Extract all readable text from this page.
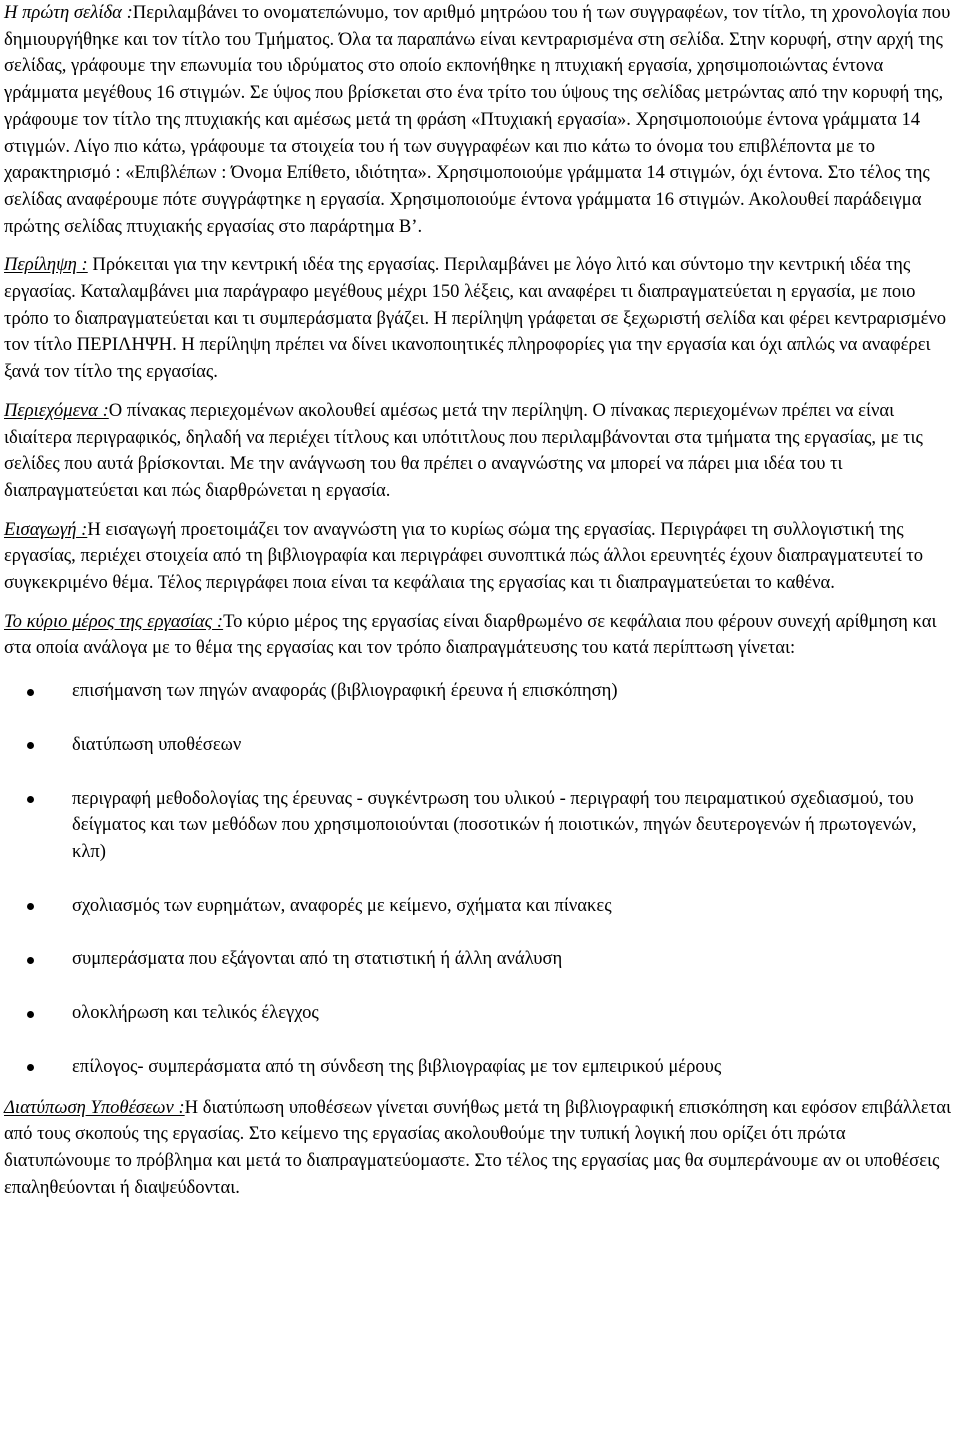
Η πρώτη σελίδα :Περιλαμβάνει το ονοματεπώνυμο, τον αριθμό μητρώου του ή των συγγραφέων, τον τίτλο, τη χρονολογία που δημιουργήθηκε και τον τίτλο του Τμήματος. Όλα τα παραπάνω είναι κεντραρισμένα στη σελίδα. Στην κορυφή, στην αρχή της σελίδας, γράφουμε την επωνυμία του ιδρύματος στο οποίο εκπονήθηκε η πτυχιακή εργασία, χρησιμοποιώντας έντονα γράμματα μεγέθους 16 στιγμών. Σε ύψος που βρίσκεται στο ένα τρίτο του ύψους της σελίδας μετρώντας από την κορυφή της, γράφουμε τον τίτλο της πτυχιακής και αμέσως μετά τη φράση «Πτυχιακή εργασία». Χρησιμοποιούμε έντονα γράμματα 14 στιγμών. Λίγο πιο κάτω, γράφουμε τα στοιχεία του ή των συγγραφέων και πιο κάτω το όνομα του επιβλέποντα με το χαρακτηρισμό : «Επιβλέπων : Όνομα Επίθετο, ιδιότητα». Χρησιμοποιούμε γράμματα 14 στιγμών, όχι έντονα. Στο τέλος της σελίδας αναφέρουμε πότε συγγράφτηκε η εργασία. Χρησιμοποιούμε έντονα γράμματα 16 στιγμών. Ακολουθεί παράδειγμα πρώτης σελίδας πτυχιακής εργασίας στο παράρτημα Β’.

Περίληψη : Πρόκειται για την κεντρική ιδέα της εργασίας. Περιλαμβάνει με λόγο λιτό και σύντομο την κεντρική ιδέα της εργασίας. Καταλαμβάνει μια παράγραφο μεγέθους μέχρι 150 λέξεις, και αναφέρει τι διαπραγματεύεται η εργασία, με ποιο τρόπο το διαπραγματεύεται και τι συμπεράσματα βγάζει. Η περίληψη γράφεται σε ξεχωριστή σελίδα και φέρει κεντραρισμένο τον τίτλο ΠΕΡΙΛΗΨΗ. Η περίληψη πρέπει να δίνει ικανοποιητικές πληροφορίες για την εργασία και όχι απλώς να αναφέρει ξανά τον τίτλο της εργασίας.

Περιεχόμενα :Ο πίνακας περιεχομένων ακολουθεί αμέσως μετά την περίληψη. Ο πίνακας περιεχομένων πρέπει να είναι ιδιαίτερα περιγραφικός, δηλαδή να περιέχει τίτλους και υπότιτλους που περιλαμβάνονται στα τμήματα της εργασίας, με τις σελίδες που αυτά βρίσκονται. Με την ανάγνωση του θα πρέπει ο αναγνώστης να μπορεί να πάρει μια ιδέα του τι διαπραγματεύεται και πώς διαρθρώνεται η εργασία.

Εισαγωγή :Η εισαγωγή προετοιμάζει τον αναγνώστη για το κυρίως σώμα της εργασίας. Περιγράφει τη συλλογιστική της εργασίας, περιέχει στοιχεία από τη βιβλιογραφία και περιγράφει συνοπτικά πώς άλλοι ερευνητές έχουν διαπραγματευτεί το συγκεκριμένο θέμα. Τέλος περιγράφει ποια είναι τα κεφάλαια της εργασίας και τι διαπραγματεύεται το καθένα.

Το κύριο μέρος της εργασίας :Το κύριο μέρος της εργασίας είναι διαρθρωμένο σε κεφάλαια που φέρουν συνεχή αρίθμηση και στα οποία ανάλογα με το θέμα της εργασίας και τον τρόπο διαπραγμάτευσης του κατά περίπτωση γίνεται:

επισήμανση των πηγών αναφοράς (βιβλιογραφική έρευνα ή επισκόπηση)
διατύπωση υποθέσεων
περιγραφή μεθοδολογίας της έρευνας - συγκέντρωση του υλικού - περιγραφή του πειραματικού σχεδιασμού, του δείγματος και των μεθόδων που χρησιμοποιούνται (ποσοτικών ή ποιοτικών, πηγών δευτερογενών ή πρωτογενών, κλπ)
σχολιασμός των ευρημάτων, αναφορές με κείμενο, σχήματα και πίνακες
συμπεράσματα που εξάγονται από τη στατιστική ή άλλη ανάλυση
ολοκλήρωση και τελικός έλεγχος
επίλογος- συμπεράσματα από τη σύνδεση της βιβλιογραφίας με τον εμπειρικού μέρους

Διατύπωση Υποθέσεων :Η διατύπωση υποθέσεων γίνεται συνήθως μετά τη βιβλιογραφική επισκόπηση και εφόσον επιβάλλεται από τους σκοπούς της εργασίας. Στο κείμενο της εργασίας ακολουθούμε την τυπική λογική που ορίζει ότι πρώτα διατυπώνουμε το πρόβλημα και μετά το διαπραγματεύομαστε. Στο τέλος της εργασίας μας θα συμπεράνουμε αν οι υποθέσεις επαληθεύονται ή διαψεύδονται.
